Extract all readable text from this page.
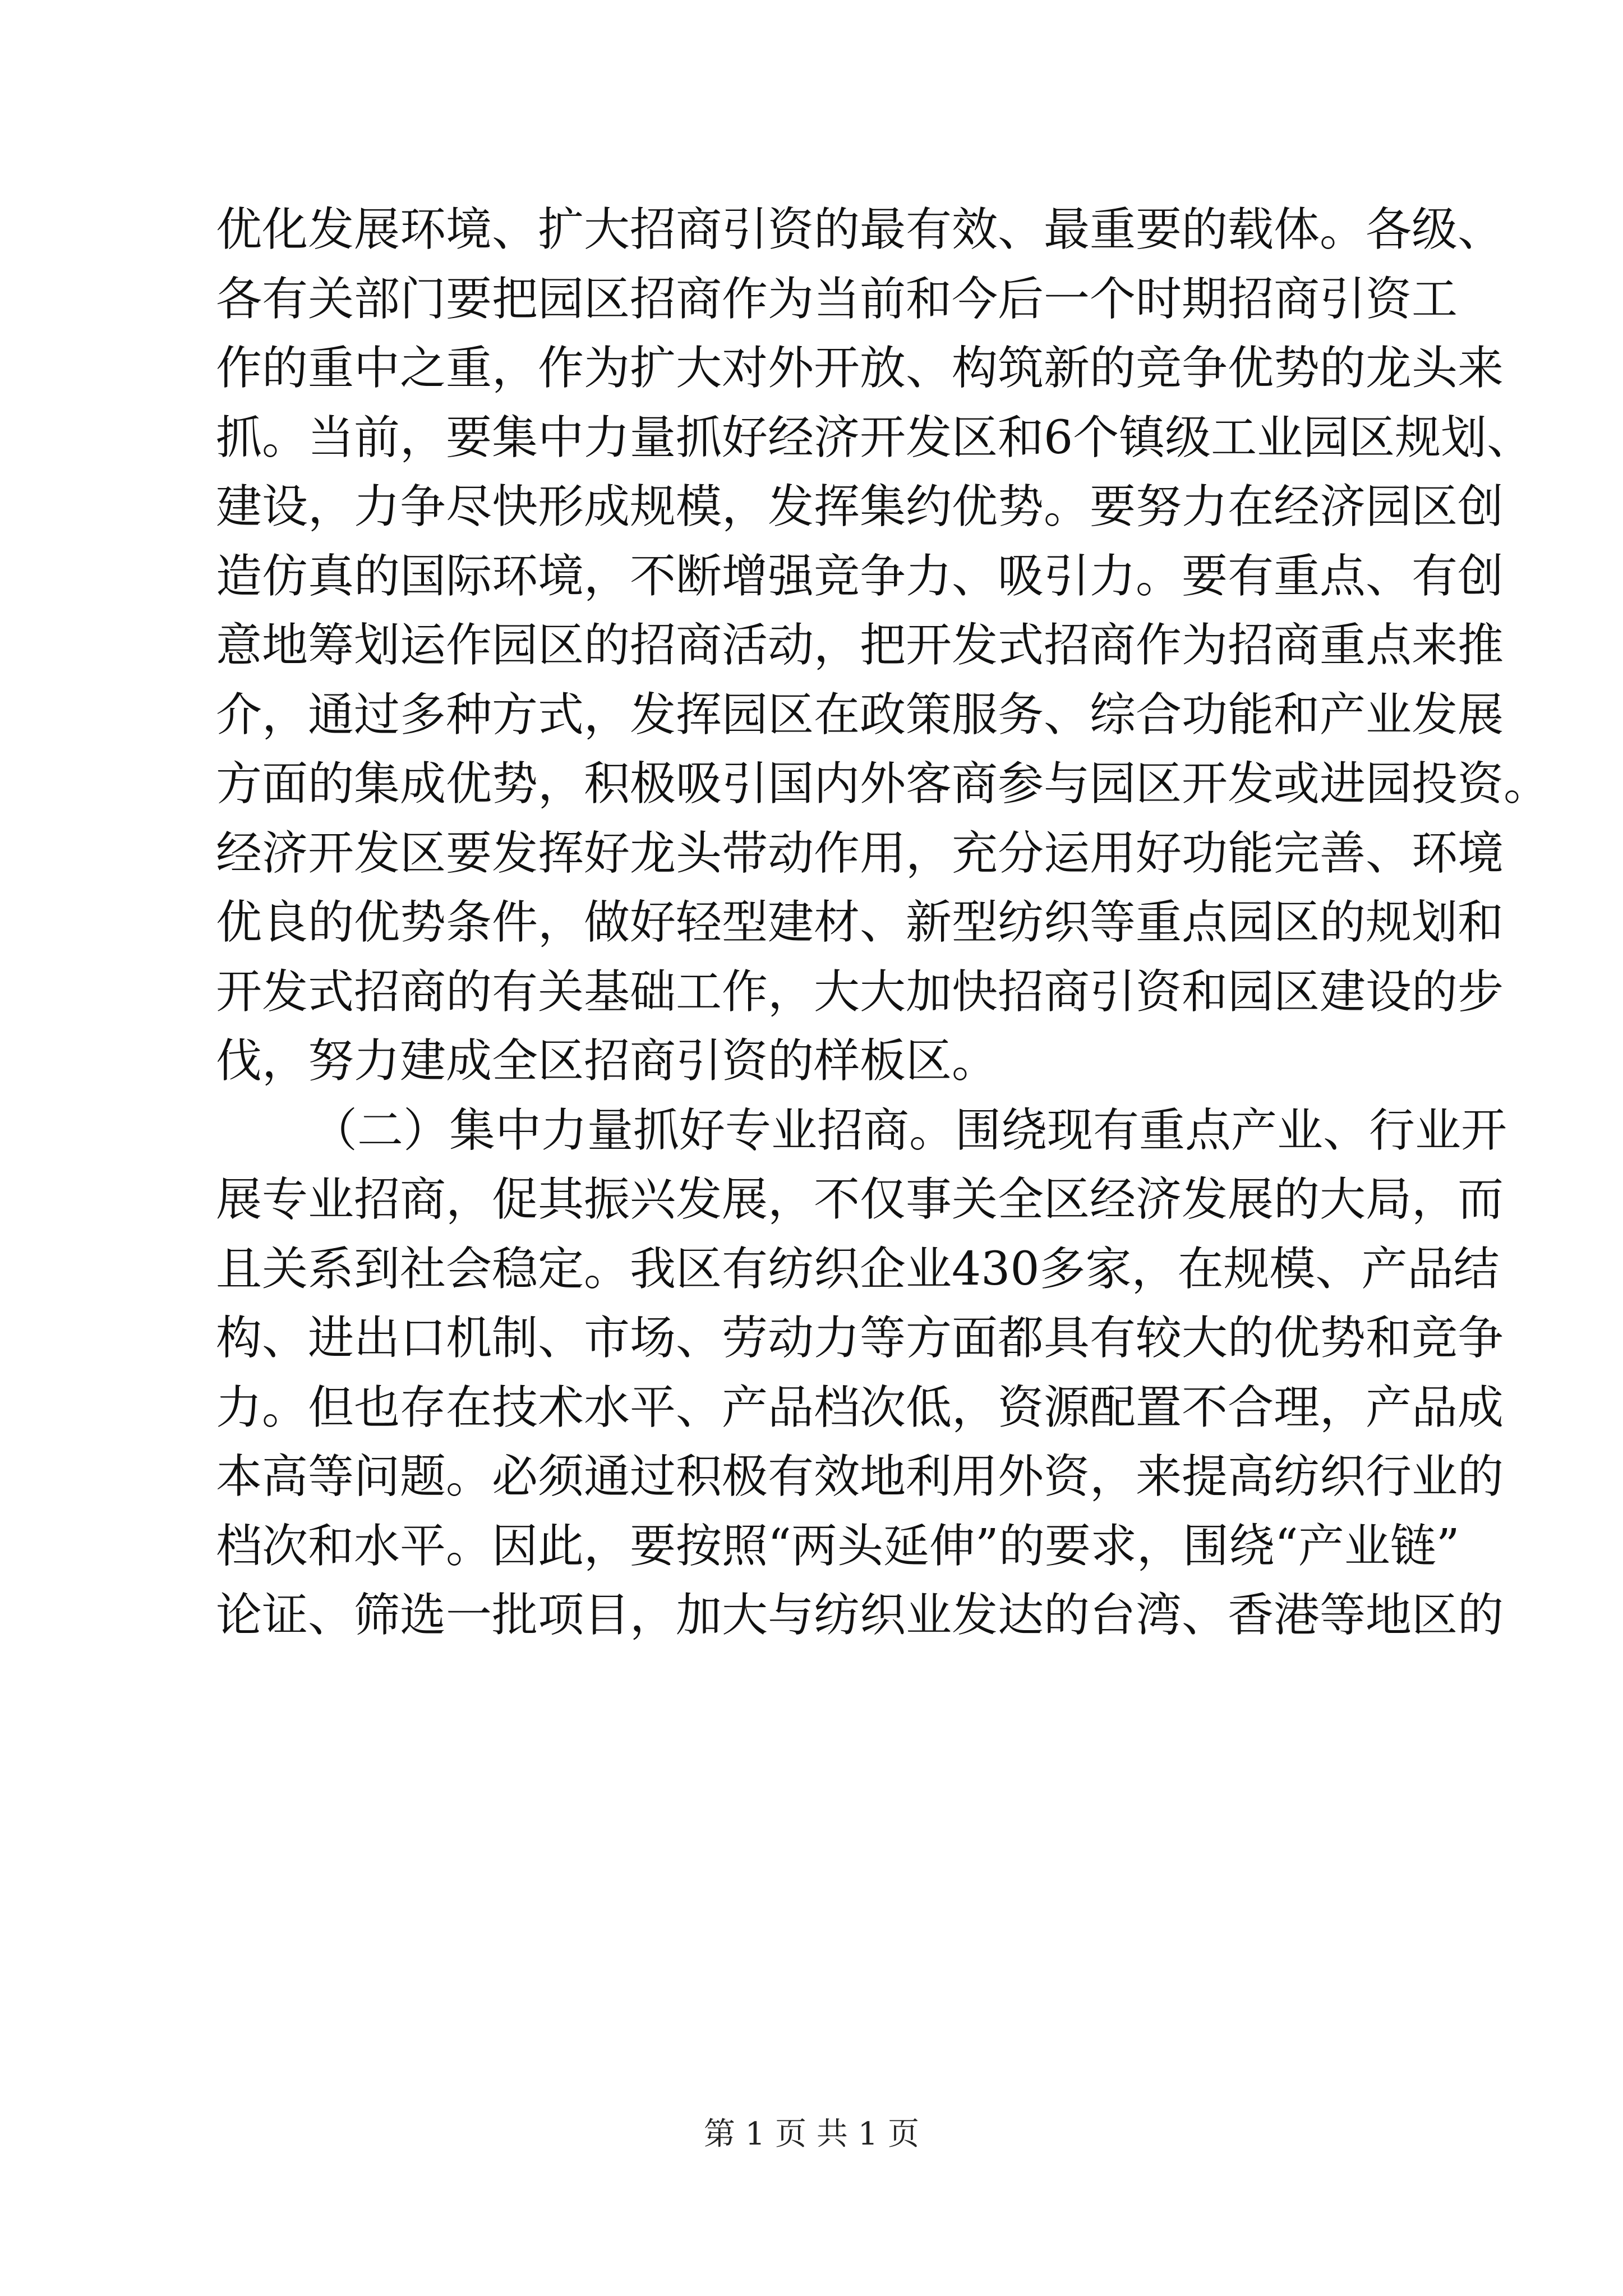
优化发展环境、扩大招商引资的最有效、最重要的载体。各级、
各有关部门要把园区招商作为当前和今后一个时期招商引资工
作的重中之重，作为扩大对外开放、构筑新的竞争优势的龙头来
抓。当前，要集中力量抓好经济开发区和6个镇级工业园区规划、
建设，力争尽快形成规模，发挥集约优势。要努力在经济园区创
造仿真的国际环境，不断增强竞争力、吸引力。要有重点、有创
意地筹划运作园区的招商活动，把开发式招商作为招商重点来推
介，通过多种方式，发挥园区在政策服务、综合功能和产业发展
方面的集成优势，积极吸引国内外客商参与园区开发或进园投资。
经济开发区要发挥好龙头带动作用，充分运用好功能完善、环境
优良的优势条件，做好轻型建材、新型纺织等重点园区的规划和
开发式招商的有关基础工作，大大加快招商引资和园区建设的步
伐，努力建成全区招商引资的样板区。
（二）集中力量抓好专业招商。围绕现有重点产业、行业开
展专业招商，促其振兴发展，不仅事关全区经济发展的大局，而
且关系到社会稳定。我区有纺织企业430多家，在规模、产品结
构、进出口机制、市场、劳动力等方面都具有较大的优势和竞争
力。但也存在技术水平、产品档次低，资源配置不合理，产品成
本高等问题。必须通过积极有效地利用外资，来提高纺织行业的
档次和水平。因此，要按照“两头延伸”的要求，围绕“产业链”
论证、筛选一批项目，加大与纺织业发达的台湾、香港等地区的
第 1 页 共 1 页
